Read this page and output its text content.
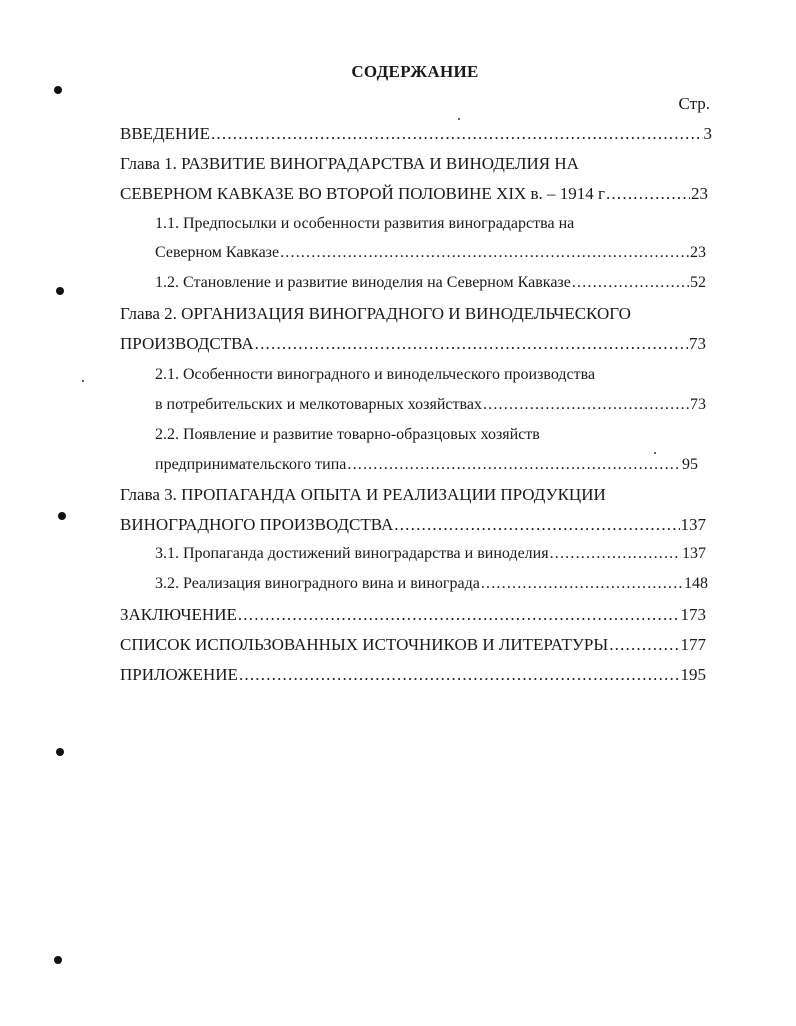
СОДЕРЖАНИЕ
Стр.
ВВЕДЕНИЕ .....	3
Глава 1. РАЗВИТИЕ ВИНОГРАДАРСТВА И ВИНОДЕЛИЯ НА
СЕВЕРНОМ КАВКАЗЕ ВО ВТОРОЙ ПОЛОВИНЕ XIX в. – 1914 г .....	23
1.1. Предпосылки и особенности развития виноградарства на
Северном Кавказе .....	23
1.2. Становление и развитие виноделия на Северном Кавказе .....	52
Глава 2. ОРГАНИЗАЦИЯ ВИНОГРАДНОГО И ВИНОДЕЛЬЧЕСКОГО
ПРОИЗВОДСТВА .....	73
2.1. Особенности виноградного и винодельческого производства
в потребительских и мелкотоварных хозяйствах .....	73
2.2. Появление и развитие товарно-образцовых хозяйств
предпринимательского типа .....	95
Глава 3. ПРОПАГАНДА ОПЫТА И РЕАЛИЗАЦИИ ПРОДУКЦИИ
ВИНОГРАДНОГО ПРОИЗВОДСТВА .....	137
3.1. Пропаганда достижений виноградарства и виноделия .....	137
3.2. Реализация виноградного вина и винограда .....	148
ЗАКЛЮЧЕНИЕ .....	173
СПИСОК ИСПОЛЬЗОВАННЫХ ИСТОЧНИКОВ И ЛИТЕРАТУРЫ .....	177
ПРИЛОЖЕНИЕ .....	195
